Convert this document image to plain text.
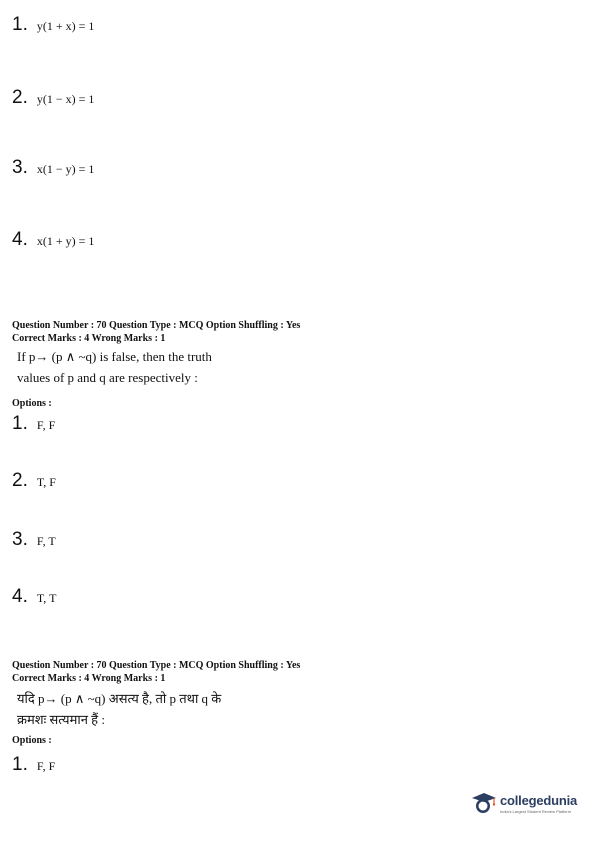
1. y(1 + x) = 1
2. y(1 − x) = 1
3. x(1 − y) = 1
4. x(1 + y) = 1
Question Number : 70 Question Type : MCQ Option Shuffling : Yes
Correct Marks : 4 Wrong Marks : 1
If p→ (p ∧ ~q) is false, then the truth
values of p and q are respectively :
Options :
1. F, F
2. T, F
3. F, T
4. T, T
Question Number : 70 Question Type : MCQ Option Shuffling : Yes
Correct Marks : 4 Wrong Marks : 1
यदि p→ (p ∧ ~q) असत्य है, तो p तथा q के
क्रमशः सत्यमान हैं :
Options :
1. F, F
collegedunia
India's Largest Student Review Platform
